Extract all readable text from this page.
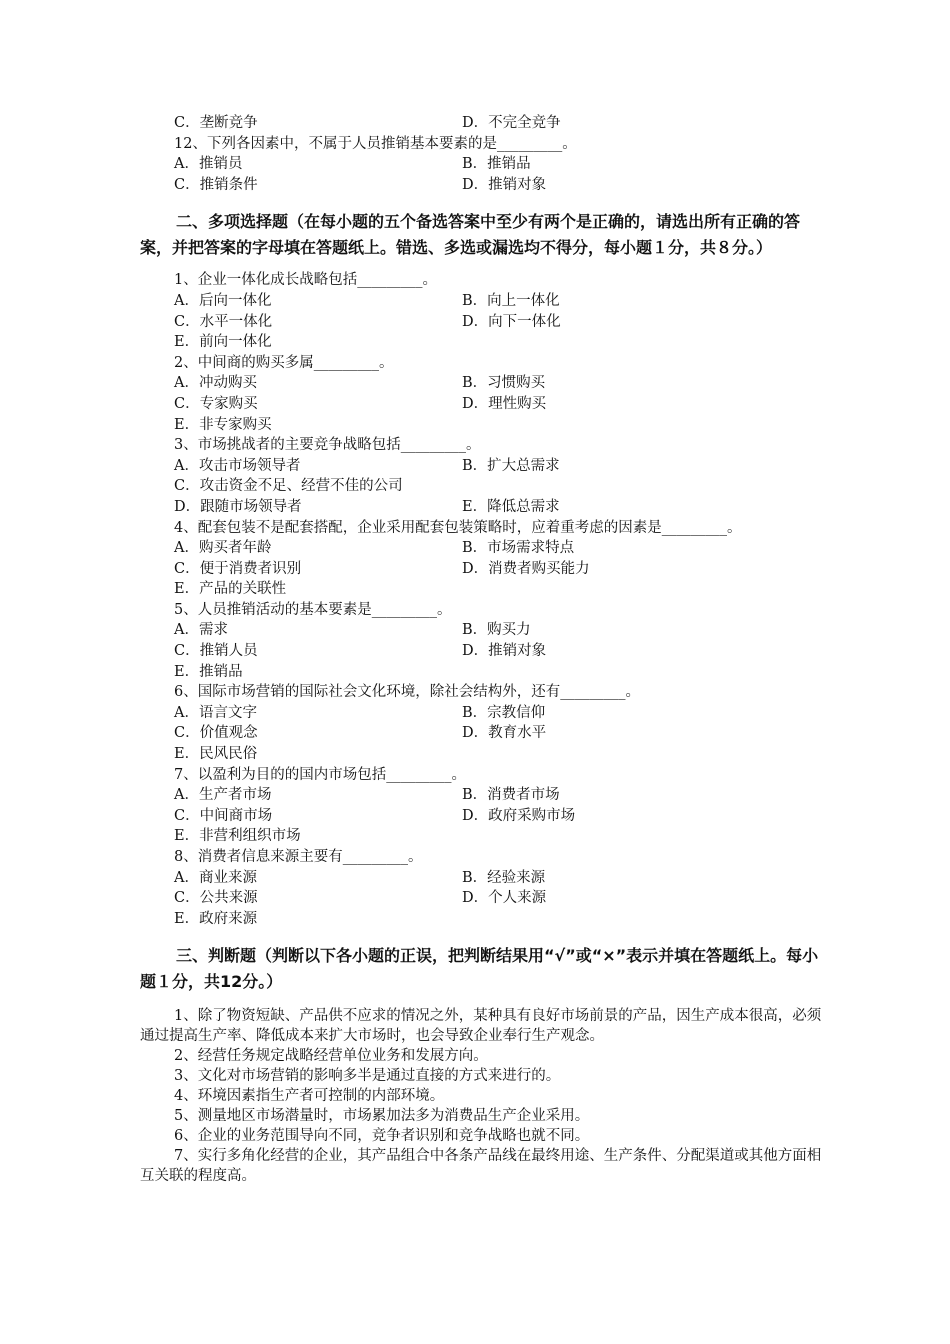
C．垄断竞争	D．不完全竞争
12、下列各因素中，不属于人员推销基本要素的是_________。
A．推销员	B．推销品
C．推销条件	D．推销对象
二、多项选择题（在每小题的五个备选答案中至少有两个是正确的，请选出所有正确的答案，并把答案的字母填在答题纸上。错选、多选或漏选均不得分，每小题１分，共８分。）
1、企业一体化成长战略包括_________。
A．后向一体化	B．向上一体化
C．水平一体化	D．向下一体化
E．前向一体化
2、中间商的购买多属_________。
A．冲动购买	B．习惯购买
C．专家购买	D．理性购买
E．非专家购买
3、市场挑战者的主要竞争战略包括_________。
A．攻击市场领导者	B．扩大总需求
C．攻击资金不足、经营不佳的公司
D．跟随市场领导者	E．降低总需求
4、配套包装不是配套搭配，企业采用配套包装策略时，应着重考虑的因素是_________。
A．购买者年龄	B．市场需求特点
C．便于消费者识别	D．消费者购买能力
E．产品的关联性
5、人员推销活动的基本要素是_________。
A．需求	B．购买力
C．推销人员	D．推销对象
E．推销品
6、国际市场营销的国际社会文化环境，除社会结构外，还有_________。
A．语言文字	B．宗教信仰
C．价值观念	D．教育水平
E．民风民俗
7、以盈利为目的的国内市场包括_________。
A．生产者市场	B．消费者市场
C．中间商市场	D．政府采购市场
E．非营利组织市场
8、消费者信息来源主要有_________。
A．商业来源	B．经验来源
C．公共来源	D．个人来源
E．政府来源
三、判断题（判断以下各小题的正误，把判断结果用“√”或“×”表示并填在答题纸上。每小题１分，共12分。）
1、除了物资短缺、产品供不应求的情况之外，某种具有良好市场前景的产品，因生产成本很高，必须通过提高生产率、降低成本来扩大市场时，也会导致企业奉行生产观念。
2、经营任务规定战略经营单位业务和发展方向。
3、文化对市场营销的影响多半是通过直接的方式来进行的。
4、环境因素指生产者可控制的内部环境。
5、测量地区市场潜量时，市场累加法多为消费品生产企业采用。
6、企业的业务范围导向不同，竞争者识别和竞争战略也就不同。
7、实行多角化经营的企业，其产品组合中各条产品线在最终用途、生产条件、分配渠道或其他方面相互关联的程度高。
